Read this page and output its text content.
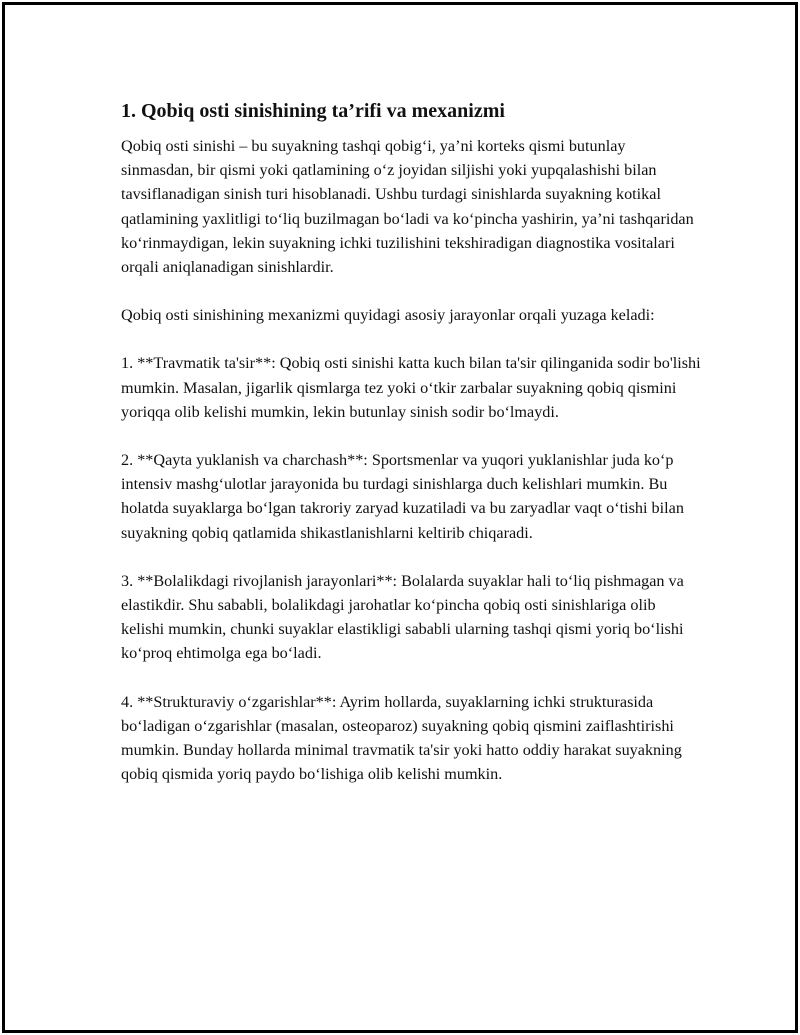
1. Qobiq osti sinishining ta’rifi va mexanizmi

Qobiq osti sinishi – bu suyakning tashqi qobig‘i, ya’ni korteks qismi butunlay sinmasdan, bir qismi yoki qatlamining o‘z joyidan siljishi yoki yupqalashishi bilan tavsiflanadigan sinish turi hisoblanadi. Ushbu turdagi sinishlarda suyakning kotikal qatlamining yaxlitligi to‘liq buzilmagan bo‘ladi va ko‘pincha yashirin, ya’ni tashqaridan ko‘rinmaydigan, lekin suyakning ichki tuzilishini tekshiradigan diagnostika vositalari orqali aniqlanadigan sinishlardir.

Qobiq osti sinishining mexanizmi quyidagi asosiy jarayonlar orqali yuzaga keladi:

1. **Travmatik ta'sir**: Qobiq osti sinishi katta kuch bilan ta'sir qilinganida sodir bo'lishi mumkin. Masalan, jigarlik qismlarga tez yoki o‘tkir zarbalar suyakning qobiq qismini yoriqqa olib kelishi mumkin, lekin butunlay sinish sodir bo‘lmaydi.

2. **Qayta yuklanish va charchash**: Sportsmenlar va yuqori yuklanishlar juda ko‘p intensiv mashg‘ulotlar jarayonida bu turdagi sinishlarga duch kelishlari mumkin. Bu holatda suyaklarga bo‘lgan takroriy zaryad kuzatiladi va bu zaryadlar vaqt o‘tishi bilan suyakning qobiq qatlamida shikastlanishlarni keltirib chiqaradi.

3. **Bolalikdagi rivojlanish jarayonlari**: Bolalarda suyaklar hali to‘liq pishmagan va elastikdir. Shu sababli, bolalikdagi jarohatlar ko‘pincha qobiq osti sinishlariga olib kelishi mumkin, chunki suyaklar elastikligi sababli ularning tashqi qismi yoriq bo‘lishi ko‘proq ehtimolga ega bo‘ladi.

4. **Strukturaviy o‘zgarishlar**: Ayrim hollarda, suyaklarning ichki strukturasida bo‘ladigan o‘zgarishlar (masalan, osteoparoz) suyakning qobiq qismini zaiflashtirishi mumkin. Bunday hollarda minimal travmatik ta'sir yoki hatto oddiy harakat suyakning qobiq qismida yoriq paydo bo‘lishiga olib kelishi mumkin.
